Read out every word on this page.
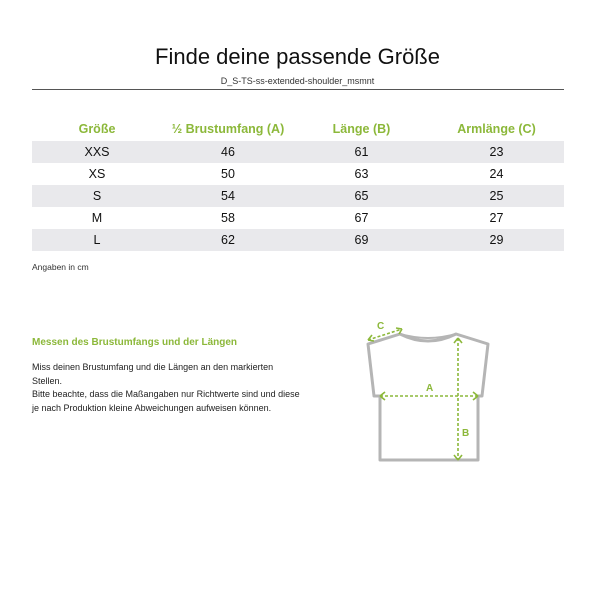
Finde deine passende Größe
D_S-TS-ss-extended-shoulder_msmnt
Größe	½ Brustumfang (A)	Länge (B)	Armlänge (C)
XXS	46	61	23
XS	50	63	24
S	54	65	25
M	58	67	27
L	62	69	29
Angaben in cm
Messen des Brustumfangs und der Längen

Miss deinen Brustumfang und die Längen an den markierten Stellen.

Bitte beachte, dass die Maßangaben nur Richtwerte sind und diese je nach Produktion kleine Abweichungen aufweisen können.

C
A
B
